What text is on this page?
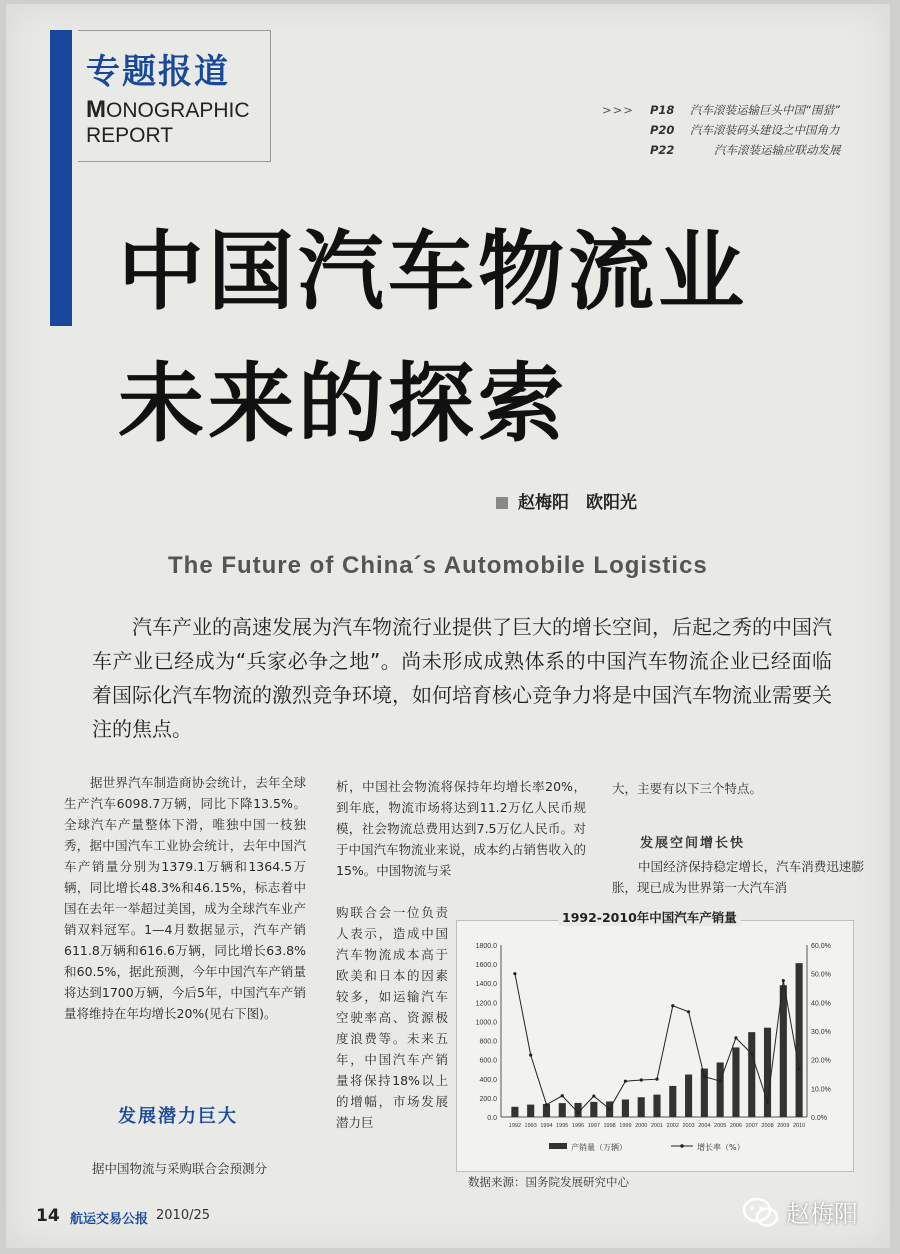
专题报道
MONOGRAPHIC
REPORT
>>> P18 汽车滚装运输巨头中国“围猎”
P20 汽车滚装码头建设之中国角力
P22	汽车滚装运输应联动发展
中国汽车物流业
未来的探索
赵梅阳　欧阳光
The Future of China´s Automobile Logistics
汽车产业的高速发展为汽车物流行业提供了巨大的增长空间，后起之秀的中国汽车产业已经成为“兵家必争之地”。尚未形成成熟体系的中国汽车物流企业已经面临着国际化汽车物流的激烈竞争环境，如何培育核心竞争力将是中国汽车物流业需要关注的焦点。
据世界汽车制造商协会统计，去年全球生产汽车6098.7万辆，同比下降13.5%。全球汽车产量整体下滑，唯独中国一枝独秀，据中国汽车工业协会统计，去年中国汽车产销量分别为1379.1万辆和1364.5万辆，同比增长48.3%和46.15%，标志着中国在去年一举超过美国，成为全球汽车业产销双料冠军。1—4月数据显示，汽车产销611.8万辆和616.6万辆，同比增长63.8%和60.5%，据此预测，今年中国汽车产销量将达到1700万辆，今后5年，中国汽车产销量将维持在年均增长20%(见右下图)。
发展潜力巨大
据中国物流与采购联合会预测分
析，中国社会物流将保持年均增长率20%，到年底，物流市场将达到11.2万亿人民币规模，社会物流总费用达到7.5万亿人民币。对于中国汽车物流业来说，成本约占销售收入的15%。中国物流与采
购联合会一位负责人表示，造成中国汽车物流成本高于欧美和日本的因素较多，如运输汽车空驶率高、资源极度浪费等。未来五年，中国汽车产销量将保持18%以上的增幅，市场发展潜力巨
大，主要有以下三个特点。
发展空间增长快
中国经济保持稳定增长，汽车消费迅速膨胀，现已成为世界第一大汽车消
1800.0
1600.0
1400.0
1200.0
1000.0
800.0
600.0
400.0
200.0
0.0
60.0%
50.0%
40.0%
30.0%
20.0%
10.0%
0.0%
1992 1993 1994 1995 1996 1997 1998 1999 2000 2001 2002 2003 2004 2005 2006 2007 2008 2009 2010
产销量（万辆）	增长率（%）
1992-2010年中国汽车产销量
数据来源：国务院发展研究中心
14 航运交易公报 2010/25	赵梅阳
